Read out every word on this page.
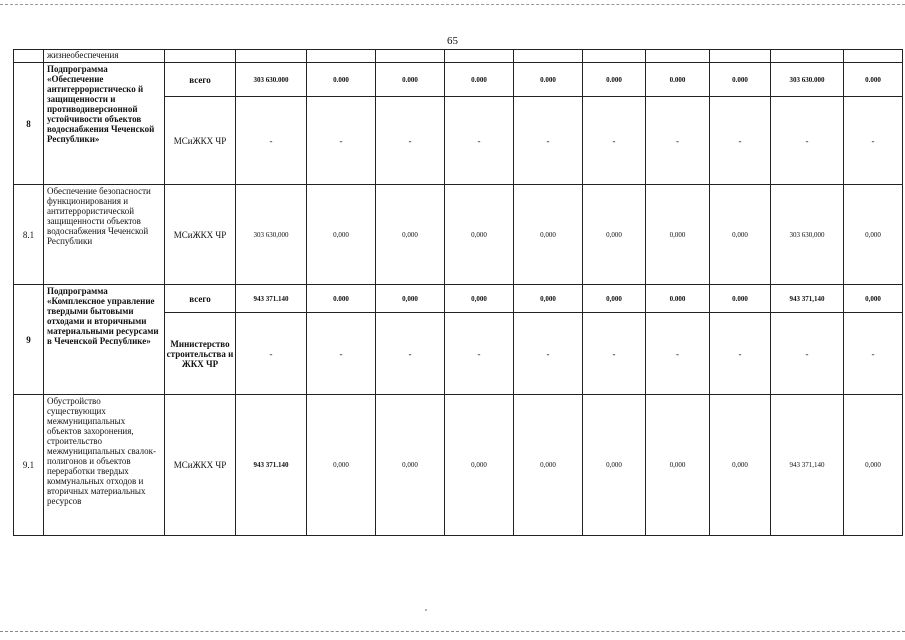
65
	жизнеобеспечения											
8	Подпрограмма «Обеспечение антитеррористическо й защищенности и противодиверсионной устойчивости объектов водоснабжения Чеченской Республики»	всего	303 630.000	0.000	0.000	0.000	0.000	0.000	0.000	0.000	303 630.000	0.000
		МСиЖКХ ЧР	-	-	-	-	-	-	-	-	-	-
8.1	Обеспечение безопасности функционирования и антитеррористической защищенности объектов водоснабжения Чеченской Республики	МСиЖКХ ЧР	303 630,000	0,000	0,000	0,000	0,000	0,000	0,000	0,000	303 630,000	0,000
9	Подпрограмма «Комплексное управление твердыми бытовыми отходами и вторичными материальными ресурсами в Чеченской Республике»	всего	943 371.140	0.000	0,000	0,000	0,000	0,000	0.000	0.000	943 371,140	0,000
		Министерство строительства и ЖКХ ЧР	-	-	-	-	-	-	-	-	-	-
9.1	Обустройство существующих межмуниципальных объектов захоронения, строительство межмуниципальных свалок-полигонов и объектов переработки твердых коммунальных отходов и вторичных материальных ресурсов	МСиЖКХ ЧР	943 371.140	0,000	0,000	0,000	0,000	0,000	0,000	0,000	943 371,140	0,000
